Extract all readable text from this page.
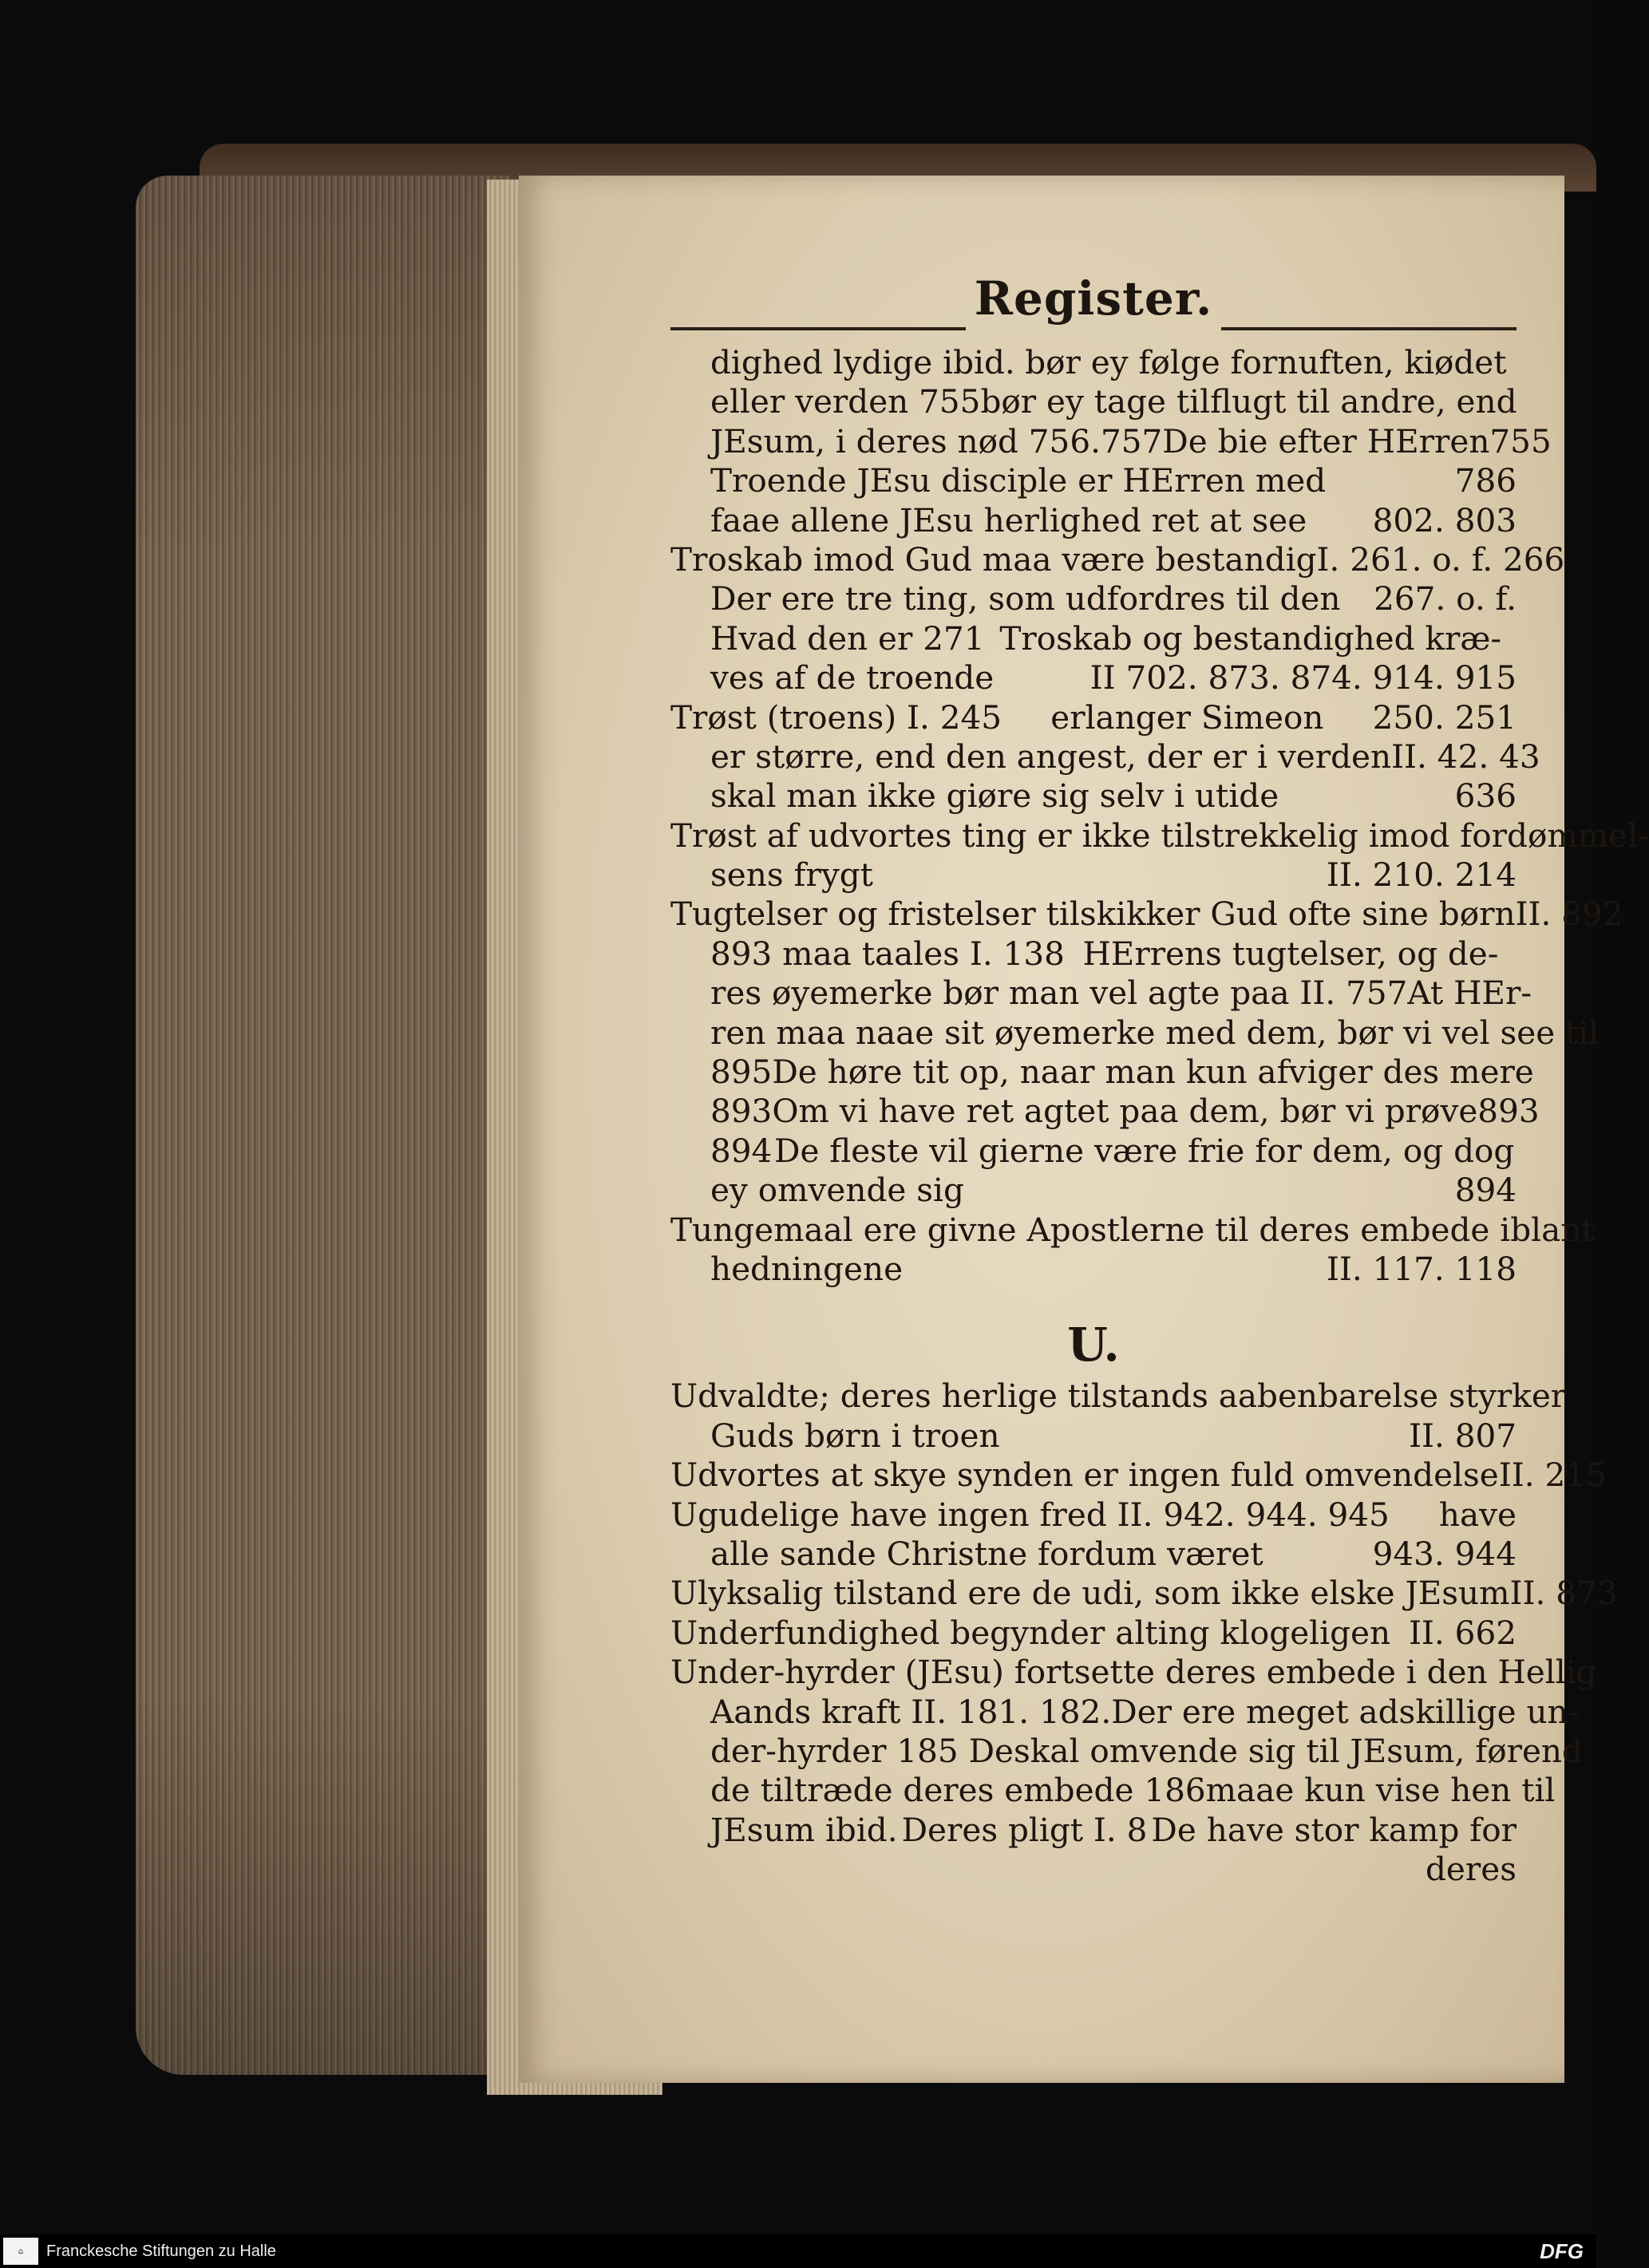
Register.
dighed lydige ibid. bør ey følge fornuften, kiødet
eller verden 755 bør ey tage tilflugt til andre, end
JEsum, i deres nød 756.757 De bie efter HErren 755
Troende JEsu disciple er HErren med	786
faae allene JEsu herlighed ret at see 802. 803
Troskab imod Gud maa være bestandig I. 261. o. f. 266
Der ere tre ting, som udfordres til den 267. o. f.
Hvad den er 271 Troskab og bestandighed kræ-
ves af de troende	II 702. 873. 874. 914. 915
Trøst (troens) I. 245 erlanger Simeon 250. 251
er større, end den angest, der er i verden II. 42. 43
skal man ikke giøre sig selv i utide	636
Trøst af udvortes ting er ikke tilstrekkelig imod fordømmel-
sens frygt	II. 210. 214
Tugtelser og fristelser tilskikker Gud ofte sine børn II. 892
893 maa taales I. 138 HErrens tugtelser, og de-
res øyemerke bør man vel agte paa II. 757 At HEr-
ren maa naae sit øyemerke med dem, bør vi vel see til
895 De høre tit op, naar man kun afviger des mere
893 Om vi have ret agtet paa dem, bør vi prøve 893
894 De fleste vil gierne være frie for dem, og dog
ey omvende sig	894
Tungemaal ere givne Apostlerne til deres embede iblant
hedningene	II. 117. 118
U.
Udvaldte; deres herlige tilstands aabenbarelse styrker
Guds børn i troen	II. 807
Udvortes at skye synden er ingen fuld omvendelse II. 215
Ugudelige have ingen fred II. 942. 944. 945 have
alle sande Christne fordum været	943. 944
Ulyksalig tilstand ere de udi, som ikke elske JEsum II. 873
Underfundighed begynder alting klogeligen II. 662
Under-hyrder (JEsu) fortsette deres embede i den Hellig
Aands kraft II. 181. 182. Der ere meget adskillige un-
der-hyrder 185 De skal omvende sig til JEsum, førend
de tiltræde deres embede 186 maae kun vise hen til
JEsum ibid. Deres pligt I. 8 De have stor kamp for
deres
⌂	Franckesche Stiftungen zu Halle	DFG
